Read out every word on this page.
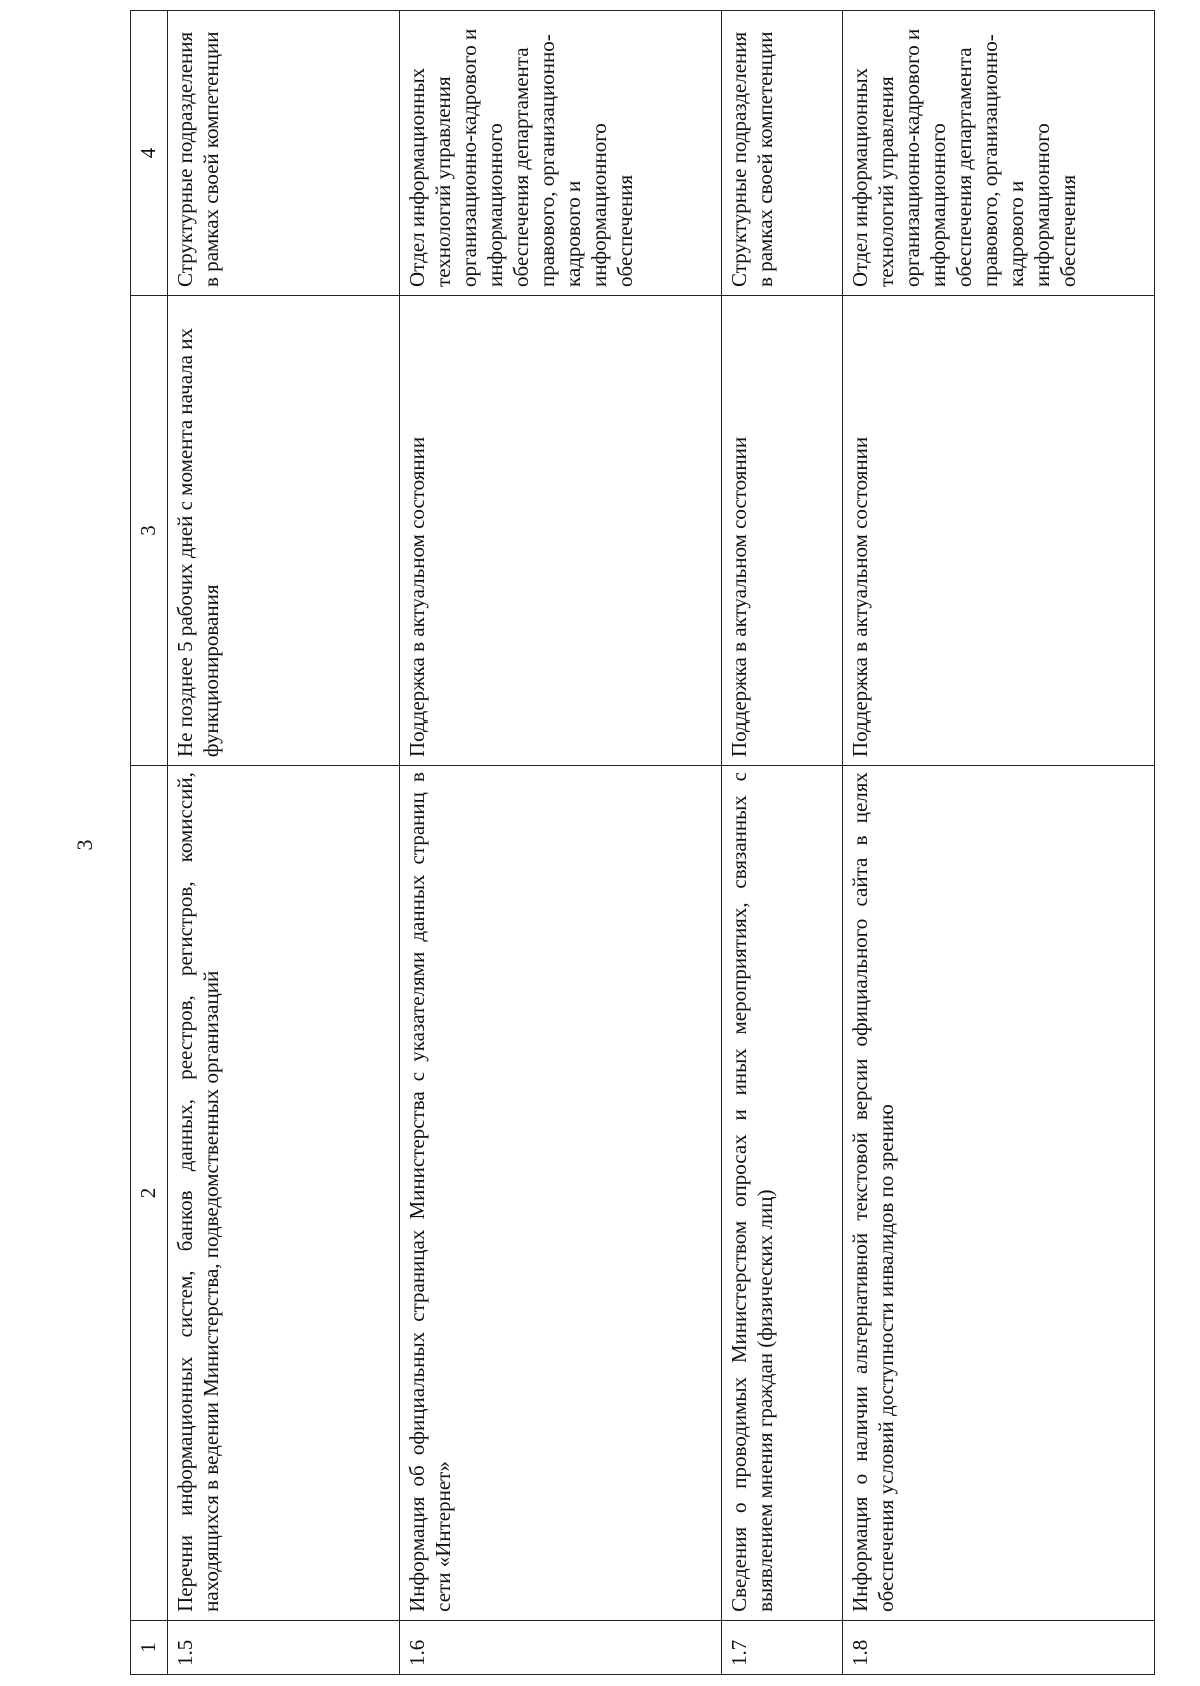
3
1	2	3	4
1.5	Перечни информационных систем, банков данных, реестров, регистров, комиссий, находящихся в ведении Министерства, подведомственных организаций	Не позднее 5 рабочих дней с момента начала их функционирования	Структурные подразделения в рамках своей компетенции
1.6	Информация об официальных страницах Министерства с указателями данных страниц в сети «Интернет»	Поддержка в актуальном состоянии	Отдел информационных технологий управления организационно-кадрового и информационного обеспечения департамента правового, организационно-кадрового и информационного обеспечения
1.7	Сведения о проводимых Министерством опросах и иных мероприятиях, связанных с выявлением мнения граждан (физических лиц)	Поддержка в актуальном состоянии	Структурные подразделения в рамках своей компетенции
1.8	Информация о наличии альтернативной текстовой версии официального сайта в целях обеспечения условий доступности инвалидов по зрению	Поддержка в актуальном состоянии	Отдел информационных технологий управления организационно-кадрового и информационного обеспечения департамента правового, организационно-кадрового и информационного обеспечения
